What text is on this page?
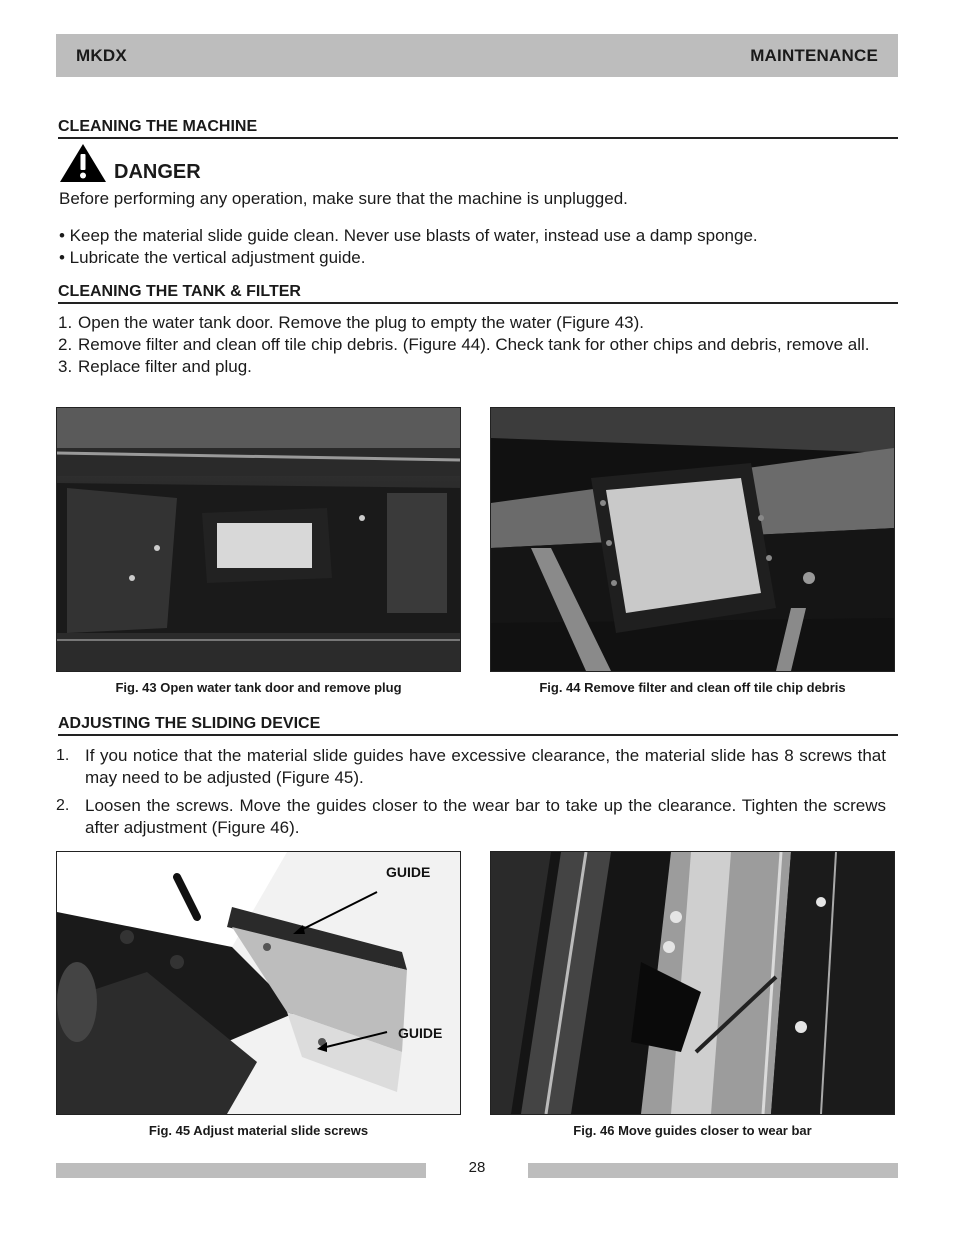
MKDX	MAINTENANCE
CLEANING THE MACHINE
DANGER

Before performing any operation, make sure that the machine is unplugged.

• Keep the material slide guide clean. Never use blasts of water, instead use a damp sponge.

• Lubricate the vertical adjustment guide.

CLEANING THE TANK & FILTER
1. Open the water tank door. Remove the plug to empty the water (Figure 43).
2. Remove filter and clean off tile chip debris. (Figure 44). Check tank for other chips and debris, remove all.
3. Replace filter and plug.
Fig. 43 Open water tank door and remove plug	Fig. 44 Remove filter and clean off tile chip debris
ADJUSTING THE SLIDING DEVICE
1. If you notice that the material slide guides have excessive clearance, the material slide has 8 screws that may need to be adjusted (Figure 45).
2. Loosen the screws. Move the guides closer to the wear bar to take up the clearance. Tighten the screws after adjustment (Figure 46).
GUIDE
GUIDE
Fig. 45 Adjust material slide screws	Fig. 46 Move guides closer to wear bar
28
